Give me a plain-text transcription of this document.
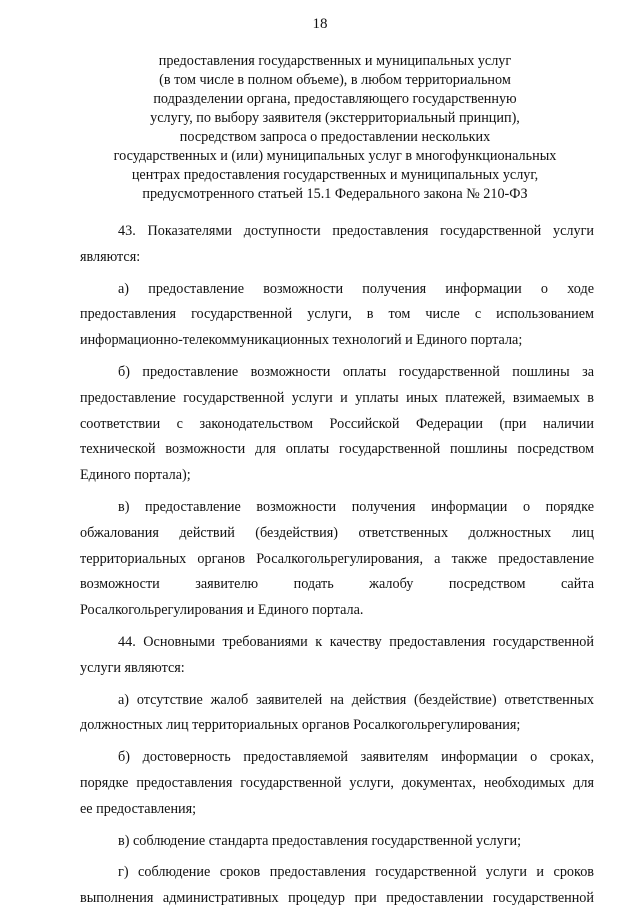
18
предоставления государственных и муниципальных услуг
(в том числе в полном объеме), в любом территориальном
подразделении органа, предоставляющего государственную
услугу, по выбору заявителя (экстерриториальный принцип),
посредством запроса о предоставлении нескольких
государственных и (или) муниципальных услуг в многофункциональных
центрах предоставления государственных и муниципальных услуг,
предусмотренного статьей 15.1 Федерального закона № 210-ФЗ
43. Показателями доступности предоставления государственной услуги
являются:
а) предоставление возможности получения информации о ходе
предоставления государственной услуги, в том числе с использованием
информационно-телекоммуникационных технологий и Единого портала;
б) предоставление возможности оплаты государственной пошлины за
предоставление государственной услуги и уплаты иных платежей, взимаемых в
соответствии с законодательством Российской Федерации (при наличии
технической возможности для оплаты государственной пошлины посредством
Единого портала);
в) предоставление возможности получения информации о порядке
обжалования действий (бездействия) ответственных должностных лиц
территориальных органов Росалкогольрегулирования, а также предоставление
возможности заявителю подать жалобу посредством сайта
Росалкогольрегулирования и Единого портала.
44. Основными требованиями к качеству предоставления государственной
услуги являются:
а) отсутствие жалоб заявителей на действия (бездействие) ответственных
должностных лиц территориальных органов Росалкогольрегулирования;
б) достоверность предоставляемой заявителям информации о сроках,
порядке предоставления государственной услуги, документах, необходимых для
ее предоставления;
в) соблюдение стандарта предоставления государственной услуги;
г) соблюдение сроков предоставления государственной услуги и сроков
выполнения административных процедур при предоставлении государственной
